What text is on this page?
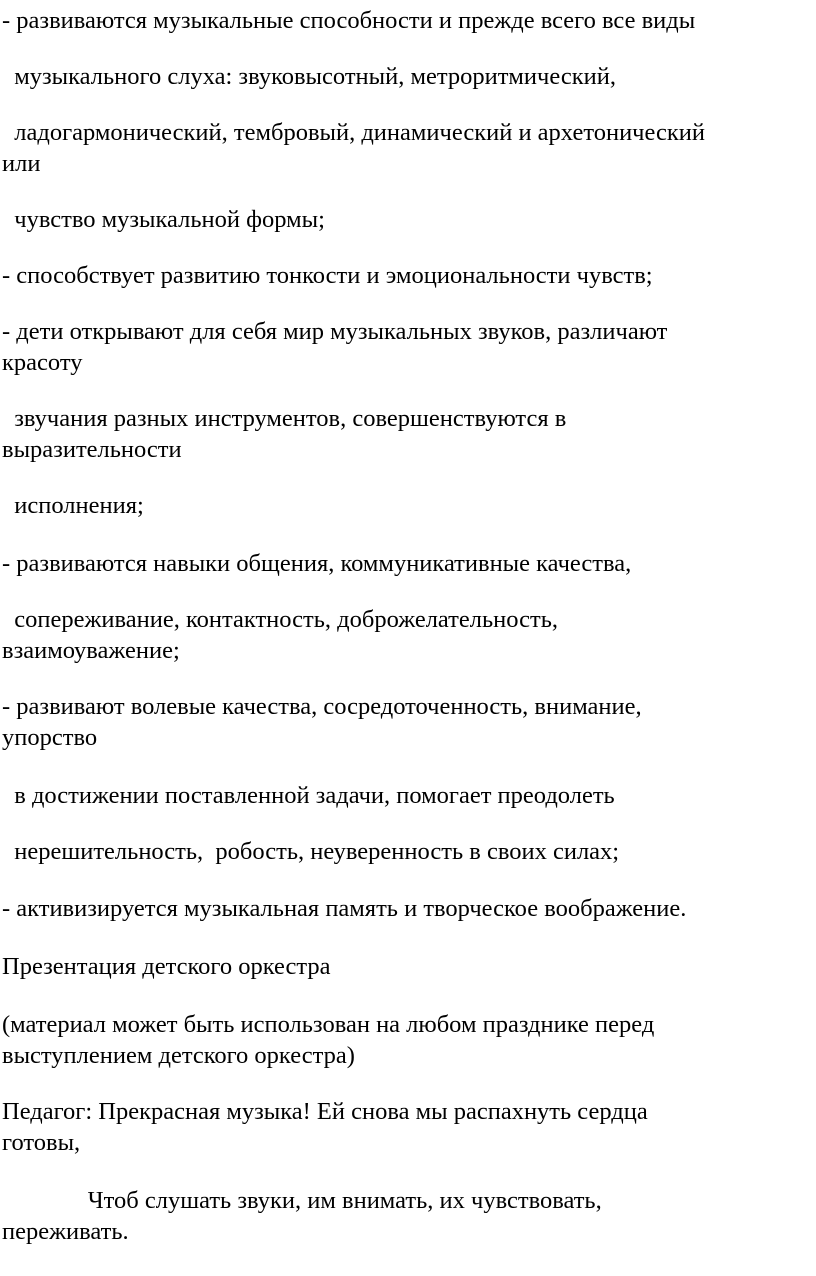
- развиваются музыкальные способности и прежде всего все виды

музыкального слуха: звуковысотный, метроритмический,

ладогармонический, тембровый, динамический и архетонический

или

чувство музыкальной формы;

- способствует развитию тонкости и эмоциональности чувств;

- дети открывают для себя мир музыкальных звуков, различают

красоту

звучания разных инструментов, совершенствуются в

выразительности

исполнения;

- развиваются навыки общения, коммуникативные качества,

сопереживание, контактность, доброжелательность,

взаимоуважение;

- развивают волевые качества, сосредоточенность, внимание,

упорство

в достижении поставленной задачи, помогает преодолеть

нерешительность,  робость, неуверенность в своих силах;

- активизируется музыкальная память и творческое воображение.

Презентация детского оркестра

(материал может быть использован на любом празднике перед

выступлением детского оркестра)

Педагог: Прекрасная музыка! Ей снова мы распахнуть сердца

готовы,

Чтоб слушать звуки, им внимать, их чувствовать,

переживать.
